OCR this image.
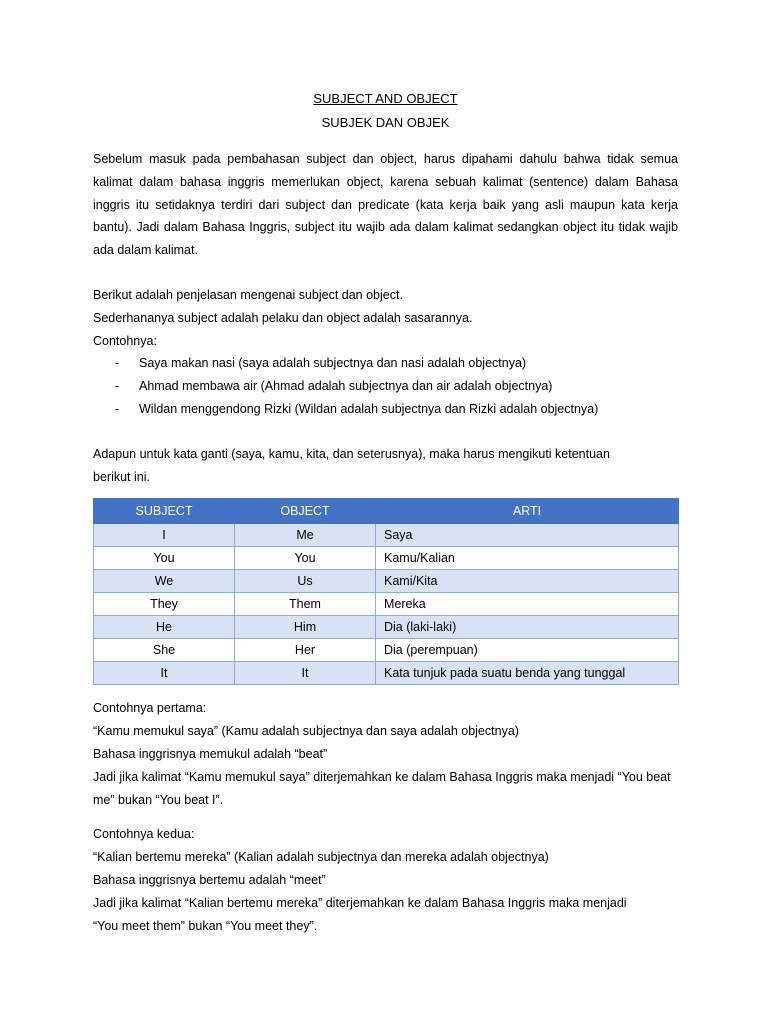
SUBJECT AND OBJECT
SUBJEK DAN OBJEK

Sebelum masuk pada pembahasan subject dan object, harus dipahami dahulu bahwa tidak semua kalimat dalam bahasa inggris memerlukan object, karena sebuah kalimat (sentence) dalam Bahasa inggris itu setidaknya terdiri dari subject dan predicate (kata kerja baik yang asli maupun kata kerja bantu). Jadi dalam Bahasa Inggris, subject itu wajib ada dalam kalimat sedangkan object itu tidak wajib ada dalam kalimat.

Berikut adalah penjelasan mengenai subject dan object.

Sederhananya subject adalah pelaku dan object adalah sasarannya.

Contohnya:

- Saya makan nasi (saya adalah subjectnya dan nasi adalah objectnya)
- Ahmad membawa air (Ahmad adalah subjectnya dan air adalah objectnya)
- Wildan menggendong Rizki (Wildan adalah subjectnya dan Rizki adalah objectnya)

Adapun untuk kata ganti (saya, kamu, kita, dan seterusnya), maka harus mengikuti ketentuan

berikut ini.

SUBJECT	OBJECT	ARTI
I	Me	Saya
You	You	Kamu/Kalian
We	Us	Kami/Kita
They	Them	Mereka
He	Him	Dia (laki-laki)
She	Her	Dia (perempuan)
It	It	Kata tunjuk pada suatu benda yang tunggal

Contohnya pertama:

“Kamu memukul saya” (Kamu adalah subjectnya dan saya adalah objectnya)

Bahasa inggrisnya memukul adalah “beat”

Jadi jika kalimat “Kamu memukul saya” diterjemahkan ke dalam Bahasa Inggris maka menjadi “You beat me” bukan “You beat I”.

Contohnya kedua:

“Kalian bertemu mereka” (Kalian adalah subjectnya dan mereka adalah objectnya)

Bahasa inggrisnya bertemu adalah “meet”

Jadi jika kalimat “Kalian bertemu mereka” diterjemahkan ke dalam Bahasa Inggris maka menjadi

“You meet them” bukan “You meet they”.
